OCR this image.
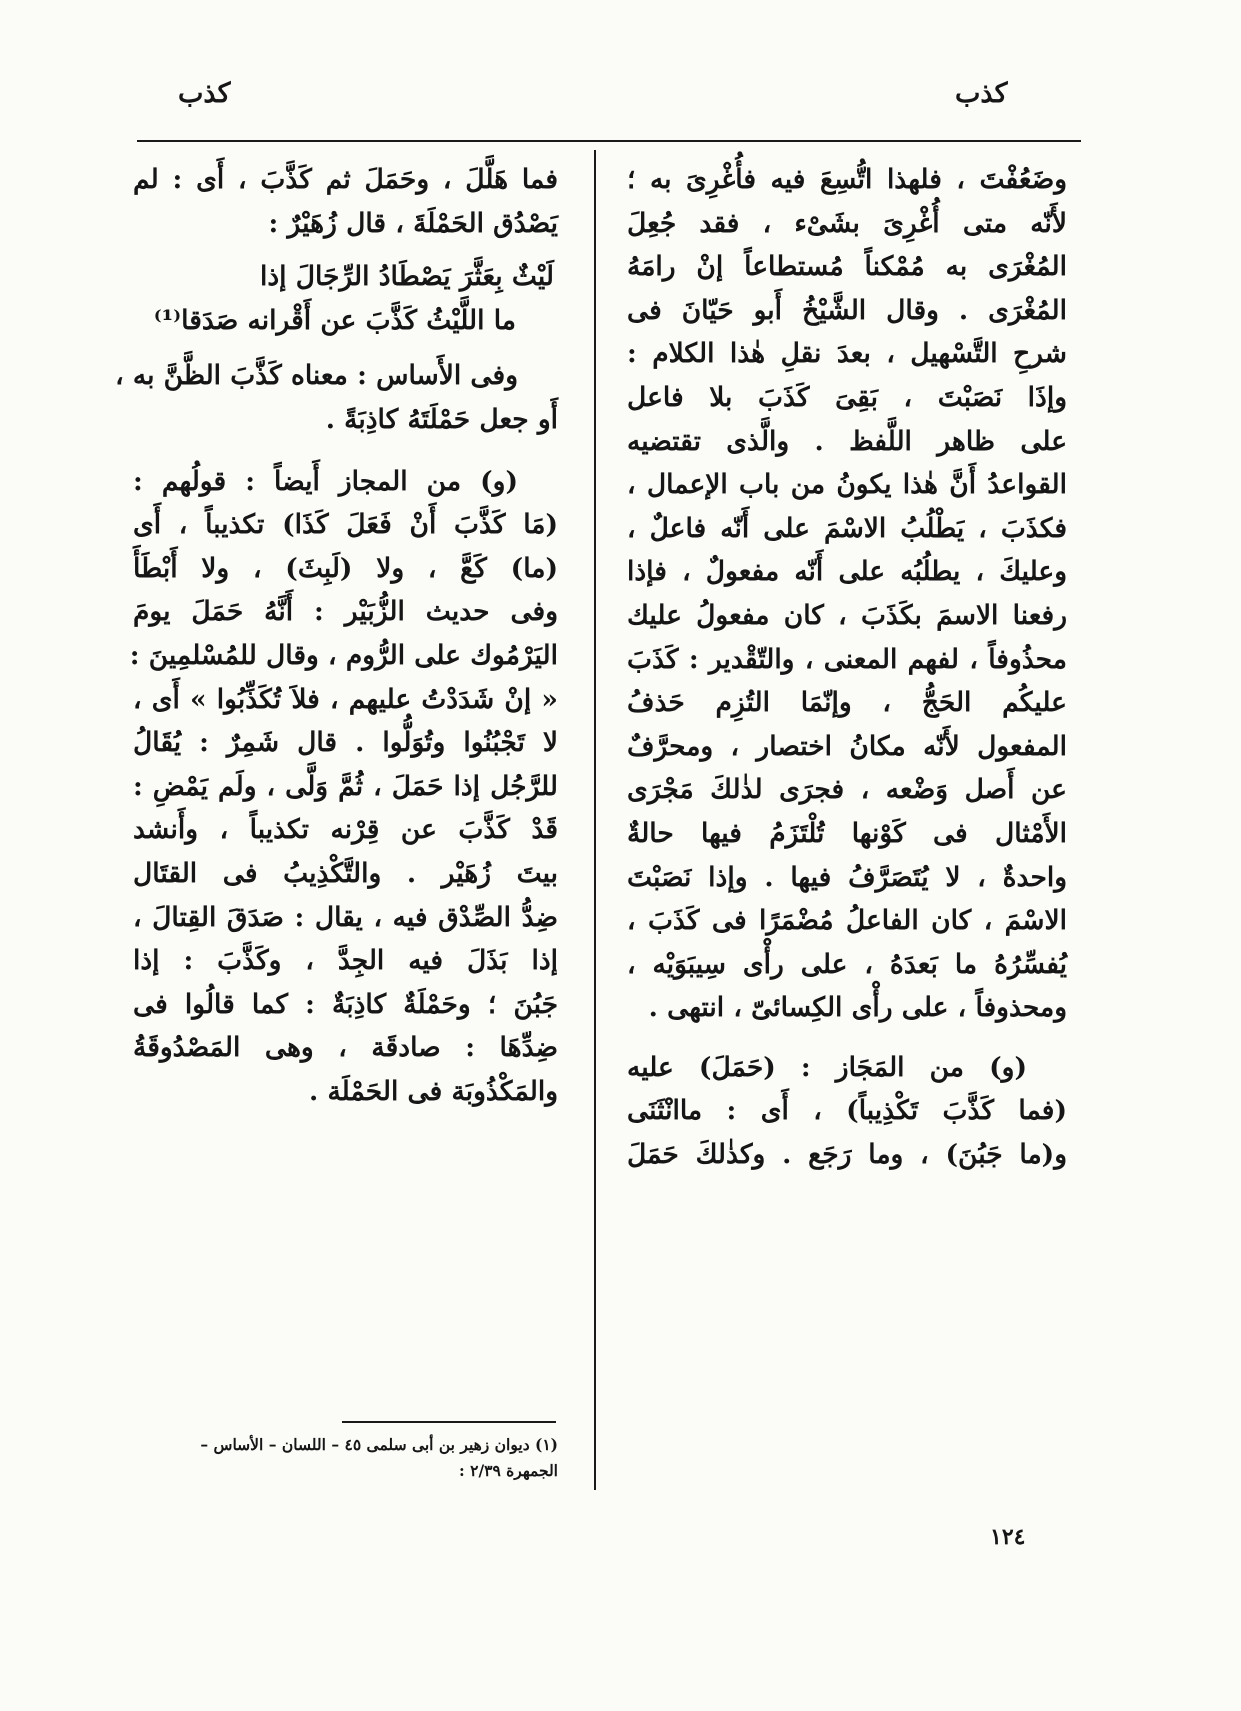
كذب	كذب
وضَعُفْتَ ، فلهذا اتُّسِعَ فيه فأُغْرِىَ به ؛
لأَنّه متى أُغْرِىَ بشَىْء ، فقد جُعِلَ
المُغْرَى به مُمْكناً مُستطاعاً إنْ رامَهُ
المُغْرَى . وقال الشَّيْخُ أَبو حَيّانَ فى
شرحِ التَّسْهيل ، بعدَ نقلِ هٰذا الكلام :
وإذَا نَصَبْتَ ، بَقِىَ كَذَبَ بلا فاعل
على ظاهر اللَّفظ . والَّذى تقتضيه
القواعدُ أَنَّ هٰذا يكونُ من باب الإعمال ،
فكذَبَ ، يَطْلُبُ الاسْمَ على أَنّه فاعلٌ ،
وعليكَ ، يطلُبُه على أَنّه مفعولٌ ، فإذا
رفعنا الاسمَ بكَذَبَ ، كان مفعولُ عليك
محذُوفاً ، لفهم المعنى ، والتّقْدير : كَذَبَ
عليكُم الحَجُّ ، وإنّمَا التُزِم حَذفُ
المفعول لأَنّه مكانُ اختصار ، ومحرَّفٌ
عن أَصل وَضْعه ، فجرَى لذٰلكَ مَجْرَى
الأَمْثال فى كَوْنها تُلْتَزَمُ فيها حالةٌ
واحدةٌ ، لا يُتَصَرَّفُ فيها . وإذا نَصَبْتَ
الاسْمَ ، كان الفاعلُ مُضْمَرًا فى كَذَبَ ،
يُفسِّرُهُ ما بَعدَهُ ، على رأْى سِيبَوَيْه ،
ومحذوفاً ، على رأْى الكِسائىّ ، انتهى .
(و) من المَجَاز : (حَمَلَ) عليه
(فما كَذَّبَ تَكْذِيباً) ، أَى : ماانْثَنَى
و(ما جَبُنَ) ، وما رَجَع . وكذٰلكَ حَمَلَ
فما هَلَّلَ ، وحَمَلَ ثم كَذَّبَ ، أَى : لم
يَصْدُق الحَمْلَةَ ، قال زُهَيْرٌ :
لَيْثٌ بِعَثَّرَ يَصْطَادُ الرِّجَالَ إذا
ما اللَّيْثُ كَذَّبَ عن أَقْرانه صَدَقا⁽¹⁾
وفى الأَساس : معناه كَذَّبَ الظَّنَّ به ،
أَو جعل حَمْلَتَهُ كاذِبَةً .
(و) من المجاز أَيضاً : قولُهم :
(مَا كَذَّبَ أَنْ فَعَلَ كَذَا) تكذيباً ، أَى
(ما) كَعَّ ، ولا (لَبِثَ) ، ولا أَبْطَأَ
وفى حديث الزُّبَيْر : أَنَّهُ حَمَلَ يومَ
اليَرْمُوك على الرُّوم ، وقال للمُسْلمِينَ :
« إنْ شَدَدْتُ عليهم ، فلاَ تُكَذِّبُوا » أَى ،
لا تَجْبُنُوا وتُوَلُّوا . قال شَمِرٌ : يُقَالُ
للرَّجُل إذا حَمَلَ ، ثُمَّ وَلَّى ، ولَم يَمْضِ :
قَدْ كَذَّبَ عن قِرْنه تكذيباً ، وأَنشد
بيتَ زُهَيْر . والتَّكْذِيبُ فى القتَال
ضِدُّ الصِّدْق فيه ، يقال : صَدَقَ القِتالَ ،
إذا بَذَلَ فيه الجِدَّ ، وكَذَّبَ : إذا
جَبُنَ ؛ وحَمْلَةٌ كاذِبَةٌ : كما قالُوا فى
ضِدِّهَا : صادقَة ، وهى المَصْدُوقَةُ
والمَكْذُوبَة فى الحَمْلَة .
(١) ديوان زهير بن أبى سلمى ٤٥ – اللسان – الأساس –
الجمهرة ٢/٣٩ :
١٢٤
